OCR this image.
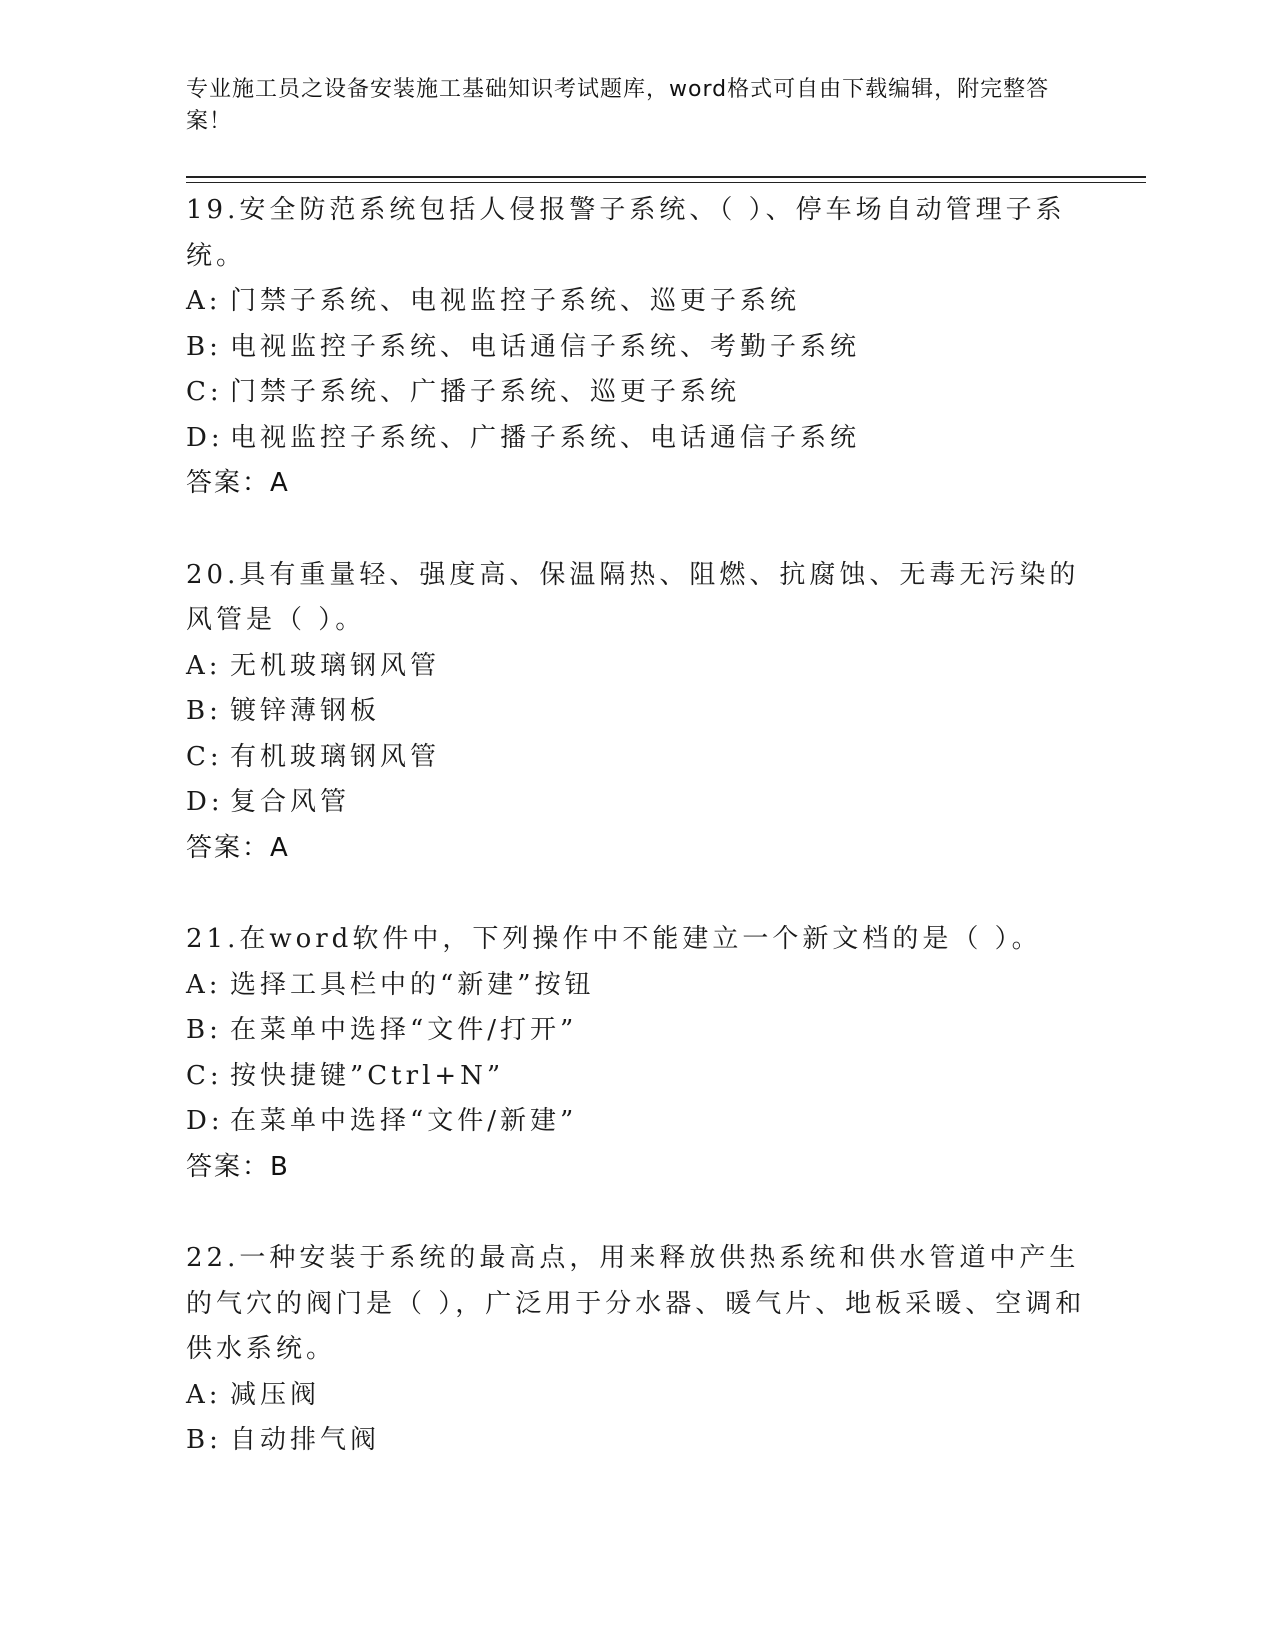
专业施工员之设备安装施工基础知识考试题库，word格式可自由下载编辑，附完整答案！
19.安全防范系统包括人侵报警子系统、（ ）、停车场自动管理子系统。
A: 门禁子系统、电视监控子系统、巡更子系统
B: 电视监控子系统、电话通信子系统、考勤子系统
C: 门禁子系统、广播子系统、巡更子系统
D: 电视监控子系统、广播子系统、电话通信子系统
答案：A
20.具有重量轻、强度高、保温隔热、阻燃、抗腐蚀、无毒无污染的风管是（ ）。
A: 无机玻璃钢风管
B: 镀锌薄钢板
C: 有机玻璃钢风管
D: 复合风管
答案：A
21.在word软件中，下列操作中不能建立一个新文档的是（ ）。
A: 选择工具栏中的“新建”按钮
B: 在菜单中选择“文件/打开”
C: 按快捷键”Ctrl+N”
D: 在菜单中选择“文件/新建”
答案：B
22.一种安装于系统的最高点，用来释放供热系统和供水管道中产生的气穴的阀门是（ ），广泛用于分水器、暖气片、地板采暖、空调和供水系统。
A: 减压阀
B: 自动排气阀
